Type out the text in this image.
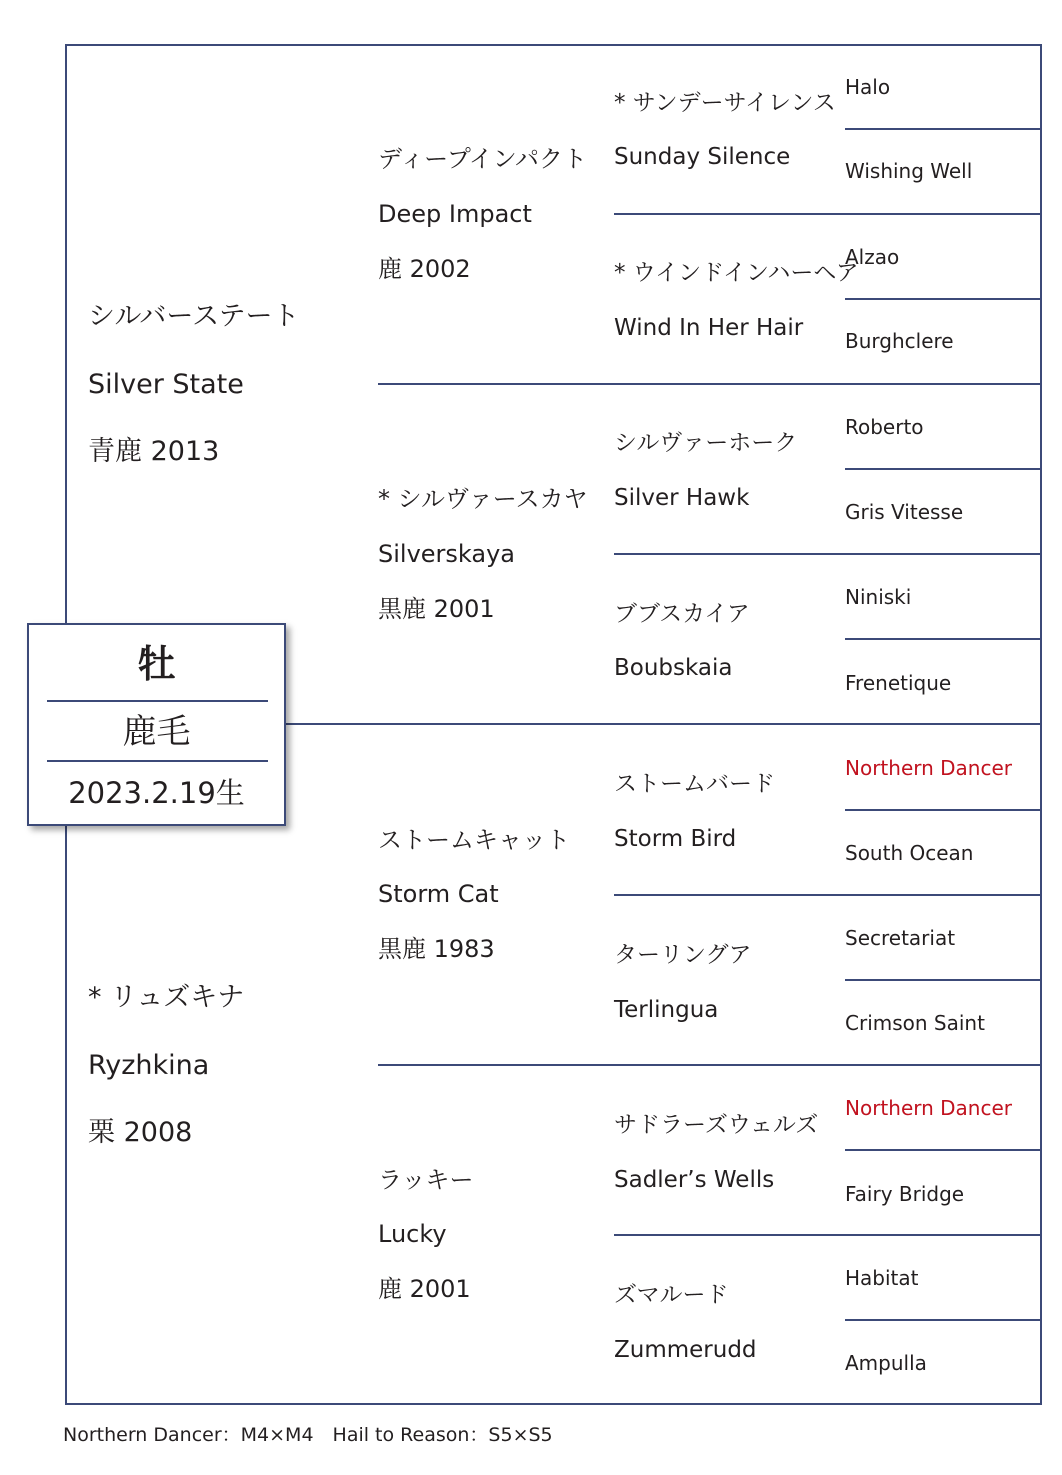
シルバーステート
Silver State
青鹿 2013
* リュズキナ
Ryzhkina
栗 2008
ディープインパクト
Deep Impact
鹿 2002
* シルヴァースカヤ
Silverskaya
黒鹿 2001
ストームキャット
Storm Cat
黒鹿 1983
ラッキー
Lucky
鹿 2001
* サンデーサイレンス
Sunday Silence
* ウインドインハーヘア
Wind In Her Hair
シルヴァーホーク
Silver Hawk
ブブスカイア
Boubskaia
ストームバード
Storm Bird
ターリングア
Terlingua
サドラーズウェルズ
Sadler’s Wells
ズマルード
Zummerudd
Halo
Wishing Well
Alzao
Burghclere
Roberto
Gris Vitesse
Niniski
Frenetique
Northern Dancer
South Ocean
Secretariat
Crimson Saint
Northern Dancer
Fairy Bridge
Habitat
Ampulla
牡
鹿毛
2023.2.19生
Northern Dancer：M4×M4　Hail to Reason：S5×S5
